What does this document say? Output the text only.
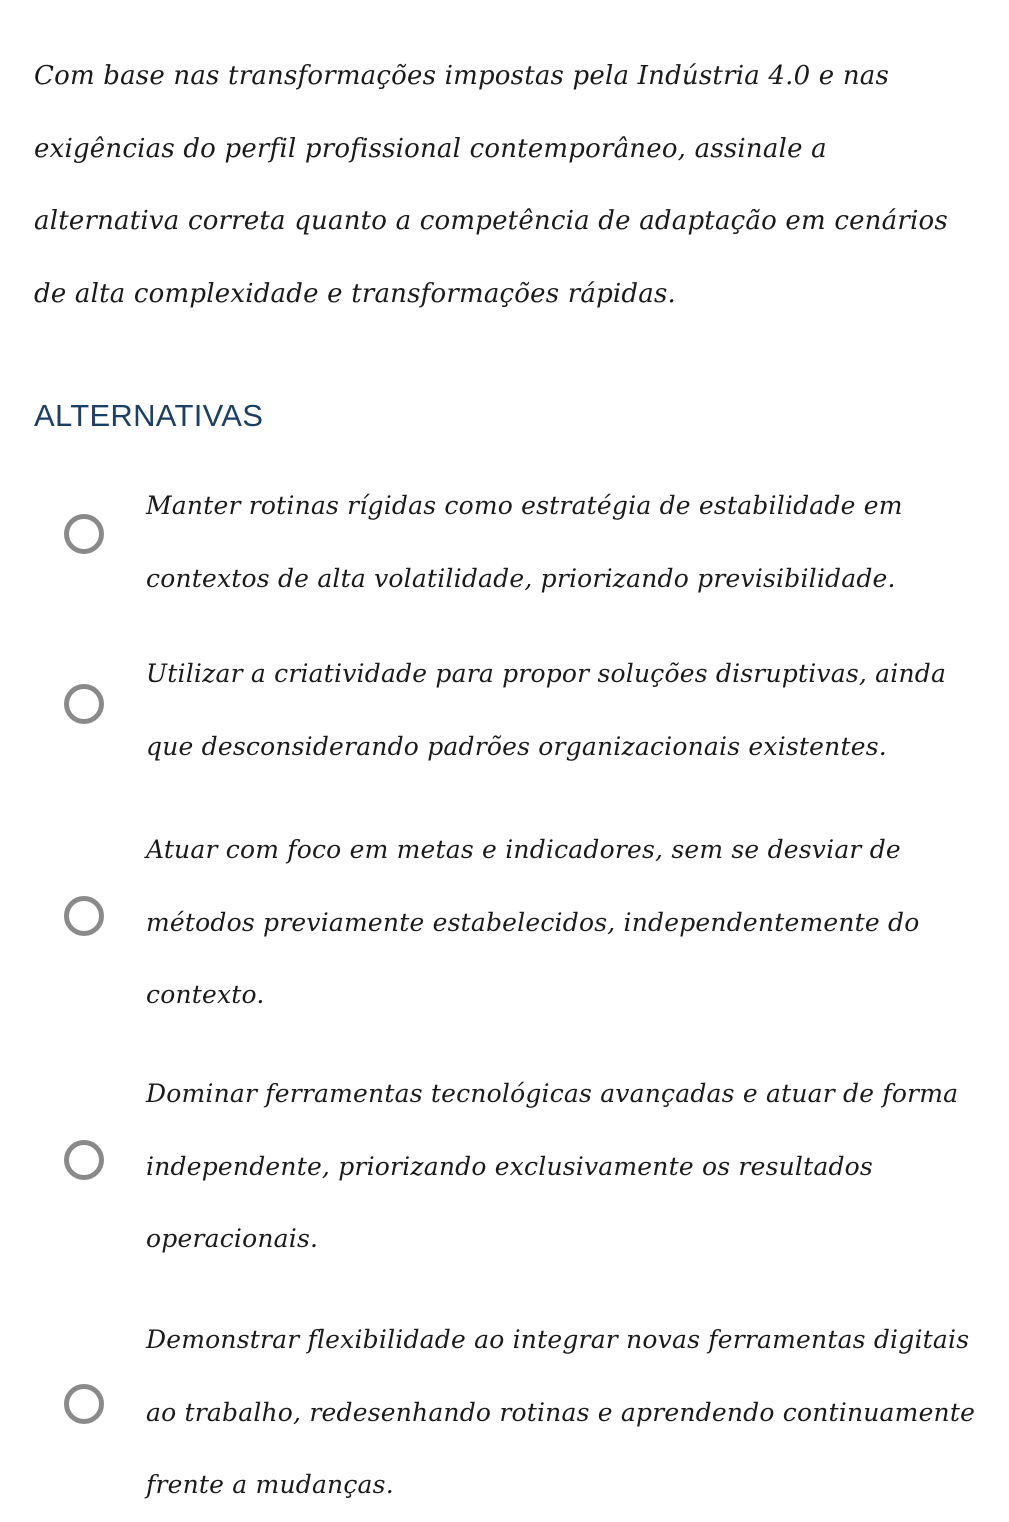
Com base nas transformações impostas pela Indústria 4.0 e nas exigências do perfil profissional contemporâneo, assinale a alternativa correta quanto a competência de adaptação em cenários de alta complexidade e transformações rápidas.

ALTERNATIVAS

Manter rotinas rígidas como estratégia de estabilidade em contextos de alta volatilidade, priorizando previsibilidade.

Utilizar a criatividade para propor soluções disruptivas, ainda que desconsiderando padrões organizacionais existentes.

Atuar com foco em metas e indicadores, sem se desviar de métodos previamente estabelecidos, independentemente do contexto.

Dominar ferramentas tecnológicas avançadas e atuar de forma independente, priorizando exclusivamente os resultados operacionais.

Demonstrar flexibilidade ao integrar novas ferramentas digitais ao trabalho, redesenhando rotinas e aprendendo continuamente frente a mudanças.
